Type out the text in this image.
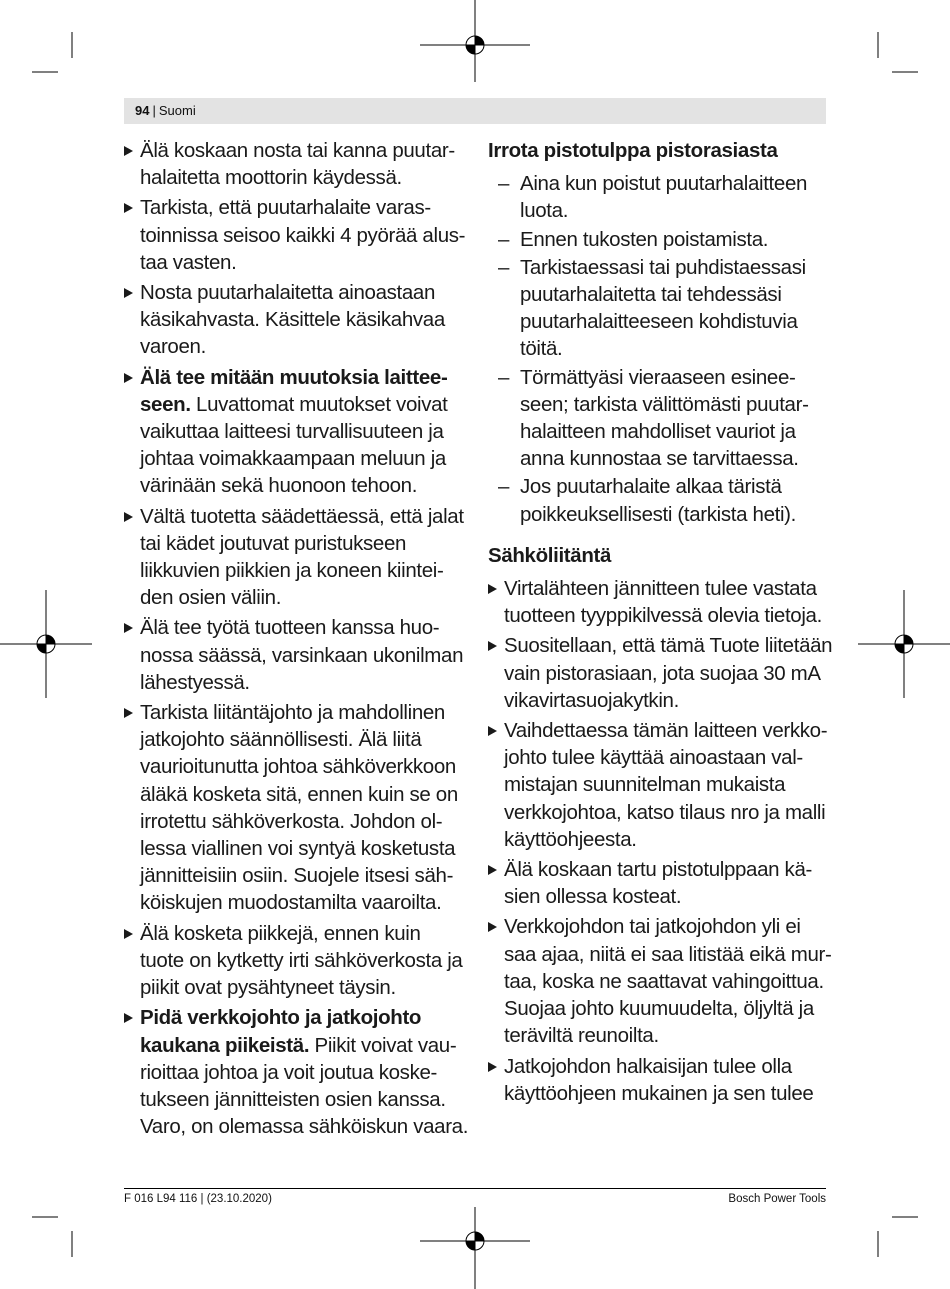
94 | Suomi

Älä koskaan nosta tai kanna puutarhalaitetta moottorin käydessä.

Tarkista, että puutarhalaite varastoinnissa seisoo kaikki 4 pyörää alustaa vasten.

Nosta puutarhalaitetta ainoastaan käsikahvasta. Käsittele käsikahvaa varoen.

Älä tee mitään muutoksia laitteeseen. Luvattomat muutokset voivat vaikuttaa laitteesi turvallisuuteen ja johtaa voimakkaampaan meluun ja värinään sekä huonoon tehoon.

Vältä tuotetta säädettäessä, että jalat tai kädet joutuvat puristukseen liikkuvien piikkien ja koneen kiinteiden osien väliin.

Älä tee työtä tuotteen kanssa huonossa säässä, varsinkaan ukonilman lähestyessä.

Tarkista liitäntäjohto ja mahdollinen jatkojohto säännöllisesti. Älä liitä vaurioitunutta johtoa sähköverkkoon äläkä kosketa sitä, ennen kuin se on irrotettu sähköverkosta. Johdon ollessa viallinen voi syntyä kosketusta jännitteisiin osiin. Suojele itsesi sähköiskujen muodostamilta vaaroilta.

Älä kosketa piikkejä, ennen kuin tuote on kytketty irti sähköverkosta ja piikit ovat pysähtyneet täysin.

Pidä verkkojohto ja jatkojohto kaukana piikeistä. Piikit voivat vaurioittaa johtoa ja voit joutua kosketukseen jännitteisten osien kanssa. Varo, on olemassa sähköiskun vaara.

Irrota pistotulppa pistorasiasta
– Aina kun poistut puutarhalaitteen luota.
– Ennen tukosten poistamista.
– Tarkistaessasi tai puhdistaessasi puutarhalaitetta tai tehdessäsi puutarhalaitteeseen kohdistuvia töitä.
– Törmättyäsi vieraaseen esineeseen; tarkista välittömästi puutarhalaitteen mahdolliset vauriot ja anna kunnostaa se tarvittaessa.
– Jos puutarhalaite alkaa täristä poikkeuksellisesti (tarkista heti).
Sähköliitäntä

Virtalähteen jännitteen tulee vastata tuotteen tyyppikilvessä olevia tietoja.

Suositellaan, että tämä Tuote liitetään vain pistorasiaan, jota suojaa 30 mA vikavirtasuojakytkin.

Vaihdettaessa tämän laitteen verkkojohto tulee käyttää ainoastaan valmistajan suunnitelman mukaista verkkojohtoa, katso tilaus nro ja malli käyttöohjeesta.

Älä koskaan tartu pistotulppaan käsien ollessa kosteat.

Verkkojohdon tai jatkojohdon yli ei saa ajaa, niitä ei saa litistää eikä murtaa, koska ne saattavat vahingoittua. Suojaa johto kuumuudelta, öljyltä ja teräviltä reunoilta.

Jatkojohdon halkaisijan tulee olla käyttöohjeen mukainen ja sen tulee

F 016 L94 116 | (23.10.2020)	Bosch Power Tools
